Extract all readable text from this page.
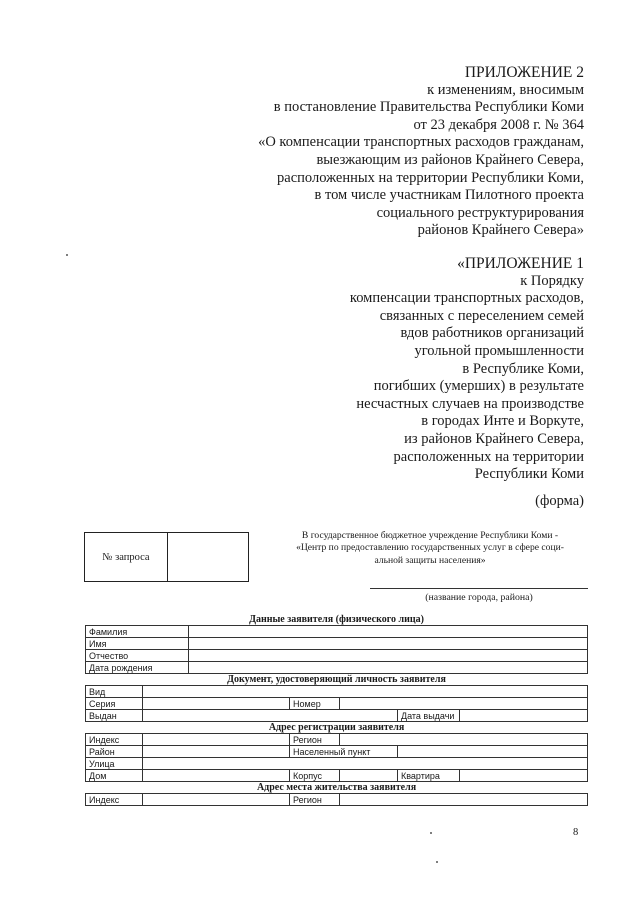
ПРИЛОЖЕНИЕ 2
к изменениям, вносимым
в постановление Правительства Республики Коми
от 23 декабря 2008 г. № 364
«О компенсации транспортных расходов гражданам,
выезжающим из районов Крайнего Севера,
расположенных на территории Республики Коми,
в том числе участникам Пилотного проекта
социального реструктурирования
районов Крайнего Севера»
«ПРИЛОЖЕНИЕ 1
к Порядку
компенсации транспортных расходов,
связанных с переселением семей
вдов работников организаций
угольной промышленности
в Республике Коми,
погибших (умерших) в результате
несчастных случаев на производстве
в городах Инте и Воркуте,
из районов Крайнего Севера,
расположенных на территории
Республики Коми
(форма)
№ запроса
В государственное бюджетное учреждение Республики Коми -
«Центр по предоставлению государственных услуг в сфере соци-
альной защиты населения»
(название города, района)
Данные заявителя (физического лица)						
Фамилия						
Имя						
Отчество						
Дата рождения						
Документ, удостоверяющий личность заявителя						
Вид						
Серия			Номер			
Выдан					Дата выдачи	
Адрес регистрации заявителя						
Индекс			Регион			
Район			Населенный пункт			
Улица						
Дом			Корпус		Квартира	
Адрес места жительства заявителя						
Индекс			Регион			
8
